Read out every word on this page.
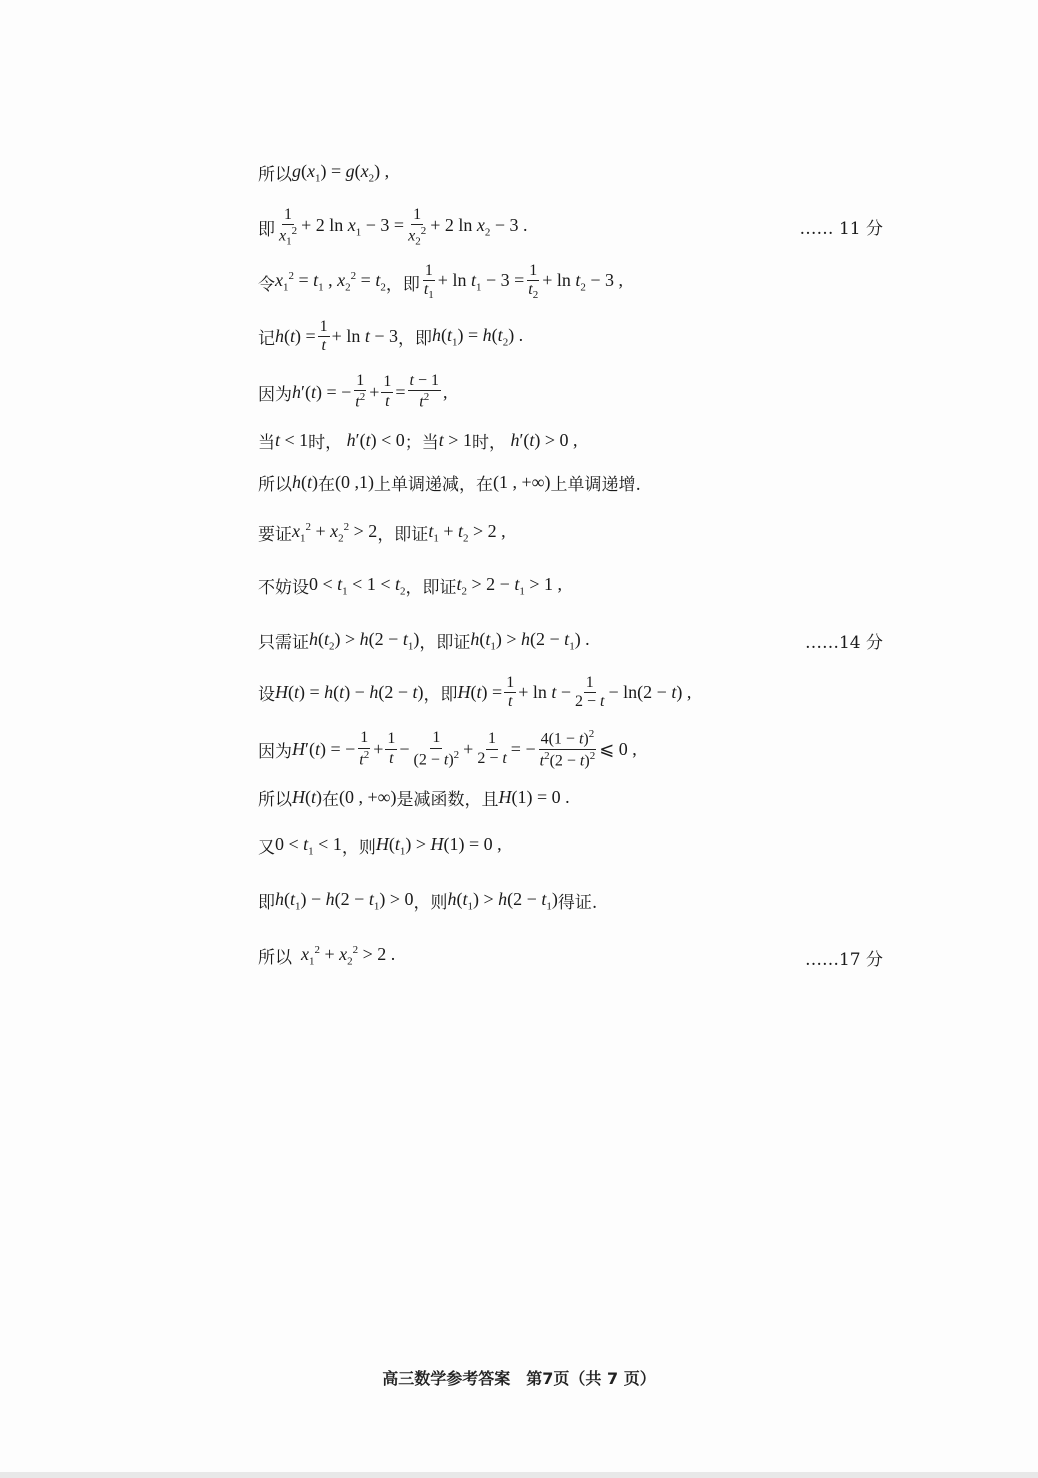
所以 $g(x_1) = g(x_2)$ ,
即 $\frac{1}{x_1^2} + 2$ $\ln x_1 - 3 = \frac{1}{x_2^2} + 2$ $\ln x_2 - 3$ .	…… 11 分
令 $x_1^2 = t_1$ , $x_2^2 = t_2$ ，即 $\frac{1}{t_1} + \ln t_1 - 3 = \frac{1}{t_2} + \ln t_2 - 3$ ,
记 $h(t) = \frac{1}{t} + \ln t - 3$ ，即 $h(t_1) = h(t_2)$ .
因为 h′(t) = − $\frac{1}{t^2} + \frac{1}{t} = \frac{t - 1}{t^2}$ ,
当 t < 1 时， h′(t) < 0 ；当 t > 1 时， h′(t) > 0 ,
所以 h(t) 在 (0 ,1) 上单调递减，在 (1 , +∞) 上单调递增.
要证 $x_1^2 + x_2^2 > 2$ ，即证 $t_1 + t_2 > 2$ ,
不妨设 $0 < t_1 < 1 < t_2$ ，即证 $t_2 > 2 - t_1 > 1$ ,
只需证 $h(t_2) > h(2 - t_1)$ ，即证 $h(t_1) > h(2 - t_1)$ .	……14 分
设 H(t) = h(t) − h(2 − t) ，即 $H(t) = \frac{1}{t} + \ln t - \frac{1}{2 - t} - \ln(2 - t)$ ,
因为 H′(t) = − $\frac{1}{t^2} + \frac{1}{t} - \frac{1}{(2 - t)^2} + \frac{1}{2 - t}$ = − $\frac{4(1 - t)^2}{t^2(2 - t)^2}$ ⩽ 0 ,
所以 H(t) 在 (0 , +∞) 是减函数，且 H(1) = 0 .
又 $0 < t_1 < 1$ ，则 $H(t_1) > H(1) = 0$ ,
即 $h(t_1) - h(2 - t_1) > 0$ ，则 $h(t_1) > h(2 - t_1)$ 得证.
所以 $x_1^2 + x_2^2 > 2$ .	……17 分
高三数学参考答案　第7页（共 7 页）
